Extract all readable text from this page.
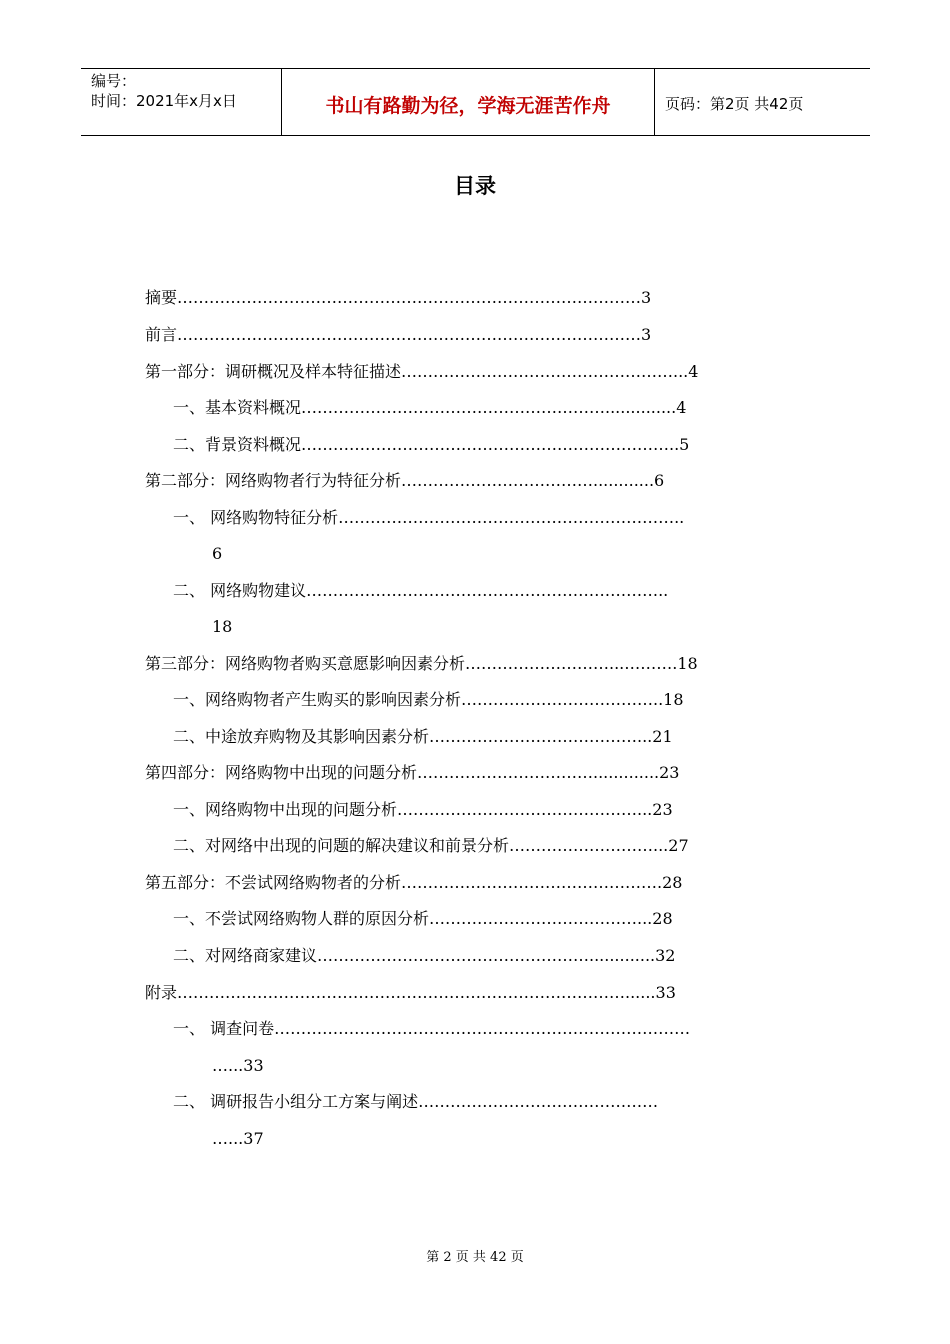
编号：
时间：2021年x月x日	书山有路勤为径，学海无涯苦作舟	页码：第2页 共42页
目录
摘要……………………………………………………………………………3
前言……………………………………………………………………………3
第一部分：调研概况及样本特征描述……………………………………………...4
一、基本资料概况…………………………………………………..............4
二、背景资料概况……………………………………………………………..5
第二部分：网络购物者行为特征分析………………………………............6
一、 网络购物特征分析………………………………………………………..
6
二、 网络购物建议…………………………………………………………..
18
第三部分：网络购物者购买意愿影响因素分析………………………...……….18
一、网络购物者产生购买的影响因素分析………………………………..18
二、中途放弃购物及其影响因素分析…………………………………...21
第四部分：网络购物中出现的问题分析…………………………….............23
一、网络购物中出现的问题分析………………………………………...23
二、对网络中出现的问题的解决建议和前景分析………………………...27
第五部分：不尝试网络购物者的分析………………………………………….28
一、不尝试网络购物人群的原因分析…………………………………...28
二、对网络商家建议…………………………………………….............32
附录…………………………………………………………………………......33
一、 调查问卷……………………………………………………………………
…...33
二、 调研报告小组分工方案与阐述………………………………………
…...37
第 2 页 共 42 页
